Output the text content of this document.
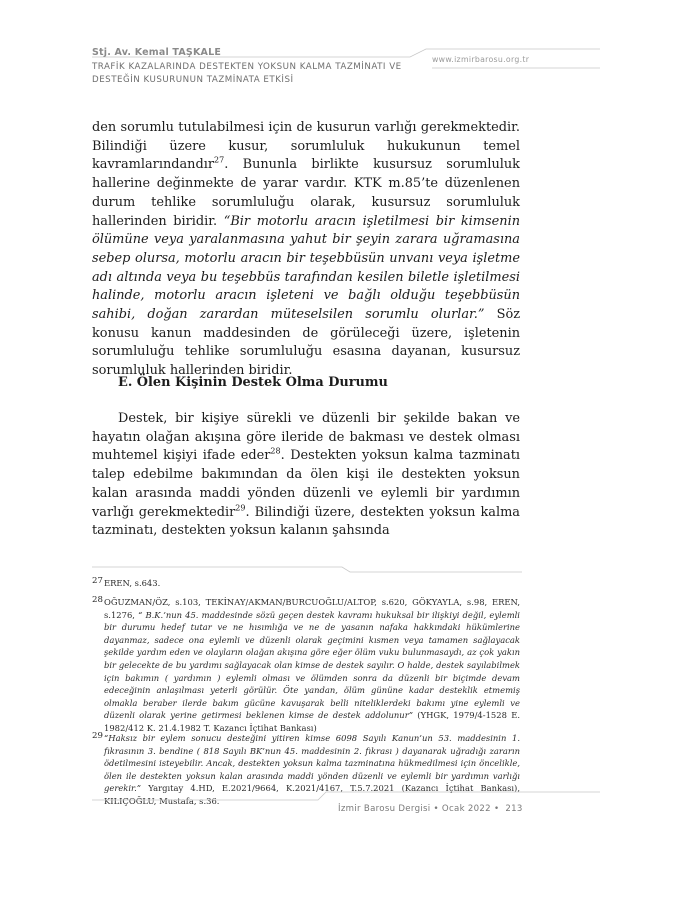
Stj. Av. Kemal TAŞKALE
TRAFİK KAZALARINDA DESTEKTEN YOKSUN KALMA TAZMİNATI VE
DESTEĞİN KUSURUNUN TAZMİNATA ETKİSİ
www.izmirbarosu.org.tr
den sorumlu tutulabilmesi için de kusurun varlığı gerekmektedir. Bilindiği üzere kusur, sorumluluk hukukunun temel kavramlarındandır$^{27}$. Bununla birlikte kusursuz sorumluluk hallerine değinmekte de yarar vardır. KTK m.85’te düzenlenen durum tehlike sorumluluğu olarak, kusursuz sorumluluk hallerinden biridir. “Bir motorlu aracın işletilmesi bir kimsenin ölümüne veya yaralanmasına yahut bir şeyin zarara uğramasına sebep olursa, motorlu aracın bir teşebbüsün unvanı veya işletme adı altında veya bu teşebbüs tarafından kesilen biletle işletilmesi halinde, motorlu aracın işleteni ve bağlı olduğu teşebbüsün sahibi, doğan zarardan müteselsilen sorumlu olurlar.” Söz konusu kanun maddesinden de görüleceği üzere, işletenin sorumluluğu tehlike sorumluluğu esasına dayanan, kusursuz sorumluluk hallerinden biridir.
E. Ölen Kişinin Destek Olma Durumu
Destek, bir kişiye sürekli ve düzenli bir şekilde bakan ve hayatın olağan akışına göre ileride de bakması ve destek olması muhtemel kişiyi ifade eder$^{28}$. Destekten yoksun kalma tazminatı talep edebilme bakımından da ölen kişi ile destekten yoksun kalan arasında maddi yönden düzenli ve eylemli bir yardımın varlığı gerekmektedir$^{29}$. Bilindiği üzere, destekten yoksun kalma tazminatı, destekten yoksun kalanın şahsında
27 EREN, s.643.
28 OĞUZMAN/ÖZ, s.103, TEKİNAY/AKMAN/BURCUOĞLU/ALTOP, s.620, GÖKYAYLA, s.98, EREN, s.1276, “ B.K.’nun 45. maddesinde sözü geçen destek kavramı hukuksal bir ilişkiyi değil, eylemli bir durumu hedef tutar ve ne hısımlığa ve ne de yasanın nafaka hakkındaki hükümlerine dayanmaz, sadece ona eylemli ve düzenli olarak geçimini kısmen veya tamamen sağlayacak şekilde yardım eden ve olayların olağan akışına göre eğer ölüm vuku bulunmasaydı, az çok yakın bir gelecekte de bu yardımı sağlayacak olan kimse de destek sayılır. O halde, destek sayılabilmek için bakımın ( yardımın ) eylemli olması ve ölümden sonra da düzenli bir biçimde devam edeceğinin anlaşılması yeterli görülür. Öte yandan, ölüm gününe kadar desteklik etmemiş olmakla beraber ilerde bakım gücüne kavuşarak belli niteliklerdeki bakımı yine eylemli ve düzenli olarak yerine getirmesi beklenen kimse de destek addolunur” (YHGK, 1979/4-1528 E. 1982/412 K. 21.4.1982 T. Kazancı İçtihat Bankası)
29 “Haksız bir eylem sonucu desteğini yitiren kimse 6098 Sayılı Kanun’un 53. maddesinin 1. fıkrasının 3. bendine ( 818 Sayılı BK’nun 45. maddesinin 2. fıkrası ) dayanarak uğradığı zararın ödetilmesini isteyebilir. Ancak, destekten yoksun kalma tazminatına hükmedilmesi için öncelikle, ölen ile destekten yoksun kalan arasında maddi yönden düzenli ve eylemli bir yardımın varlığı gerekir.” Yargıtay 4.HD, E.2021/9664, K.2021/4167, T.5.7.2021 (Kazancı İçtihat Bankası), KILIÇOĞLU, Mustafa, s.36.
İzmir Barosu Dergisi • Ocak 2022 • 213
